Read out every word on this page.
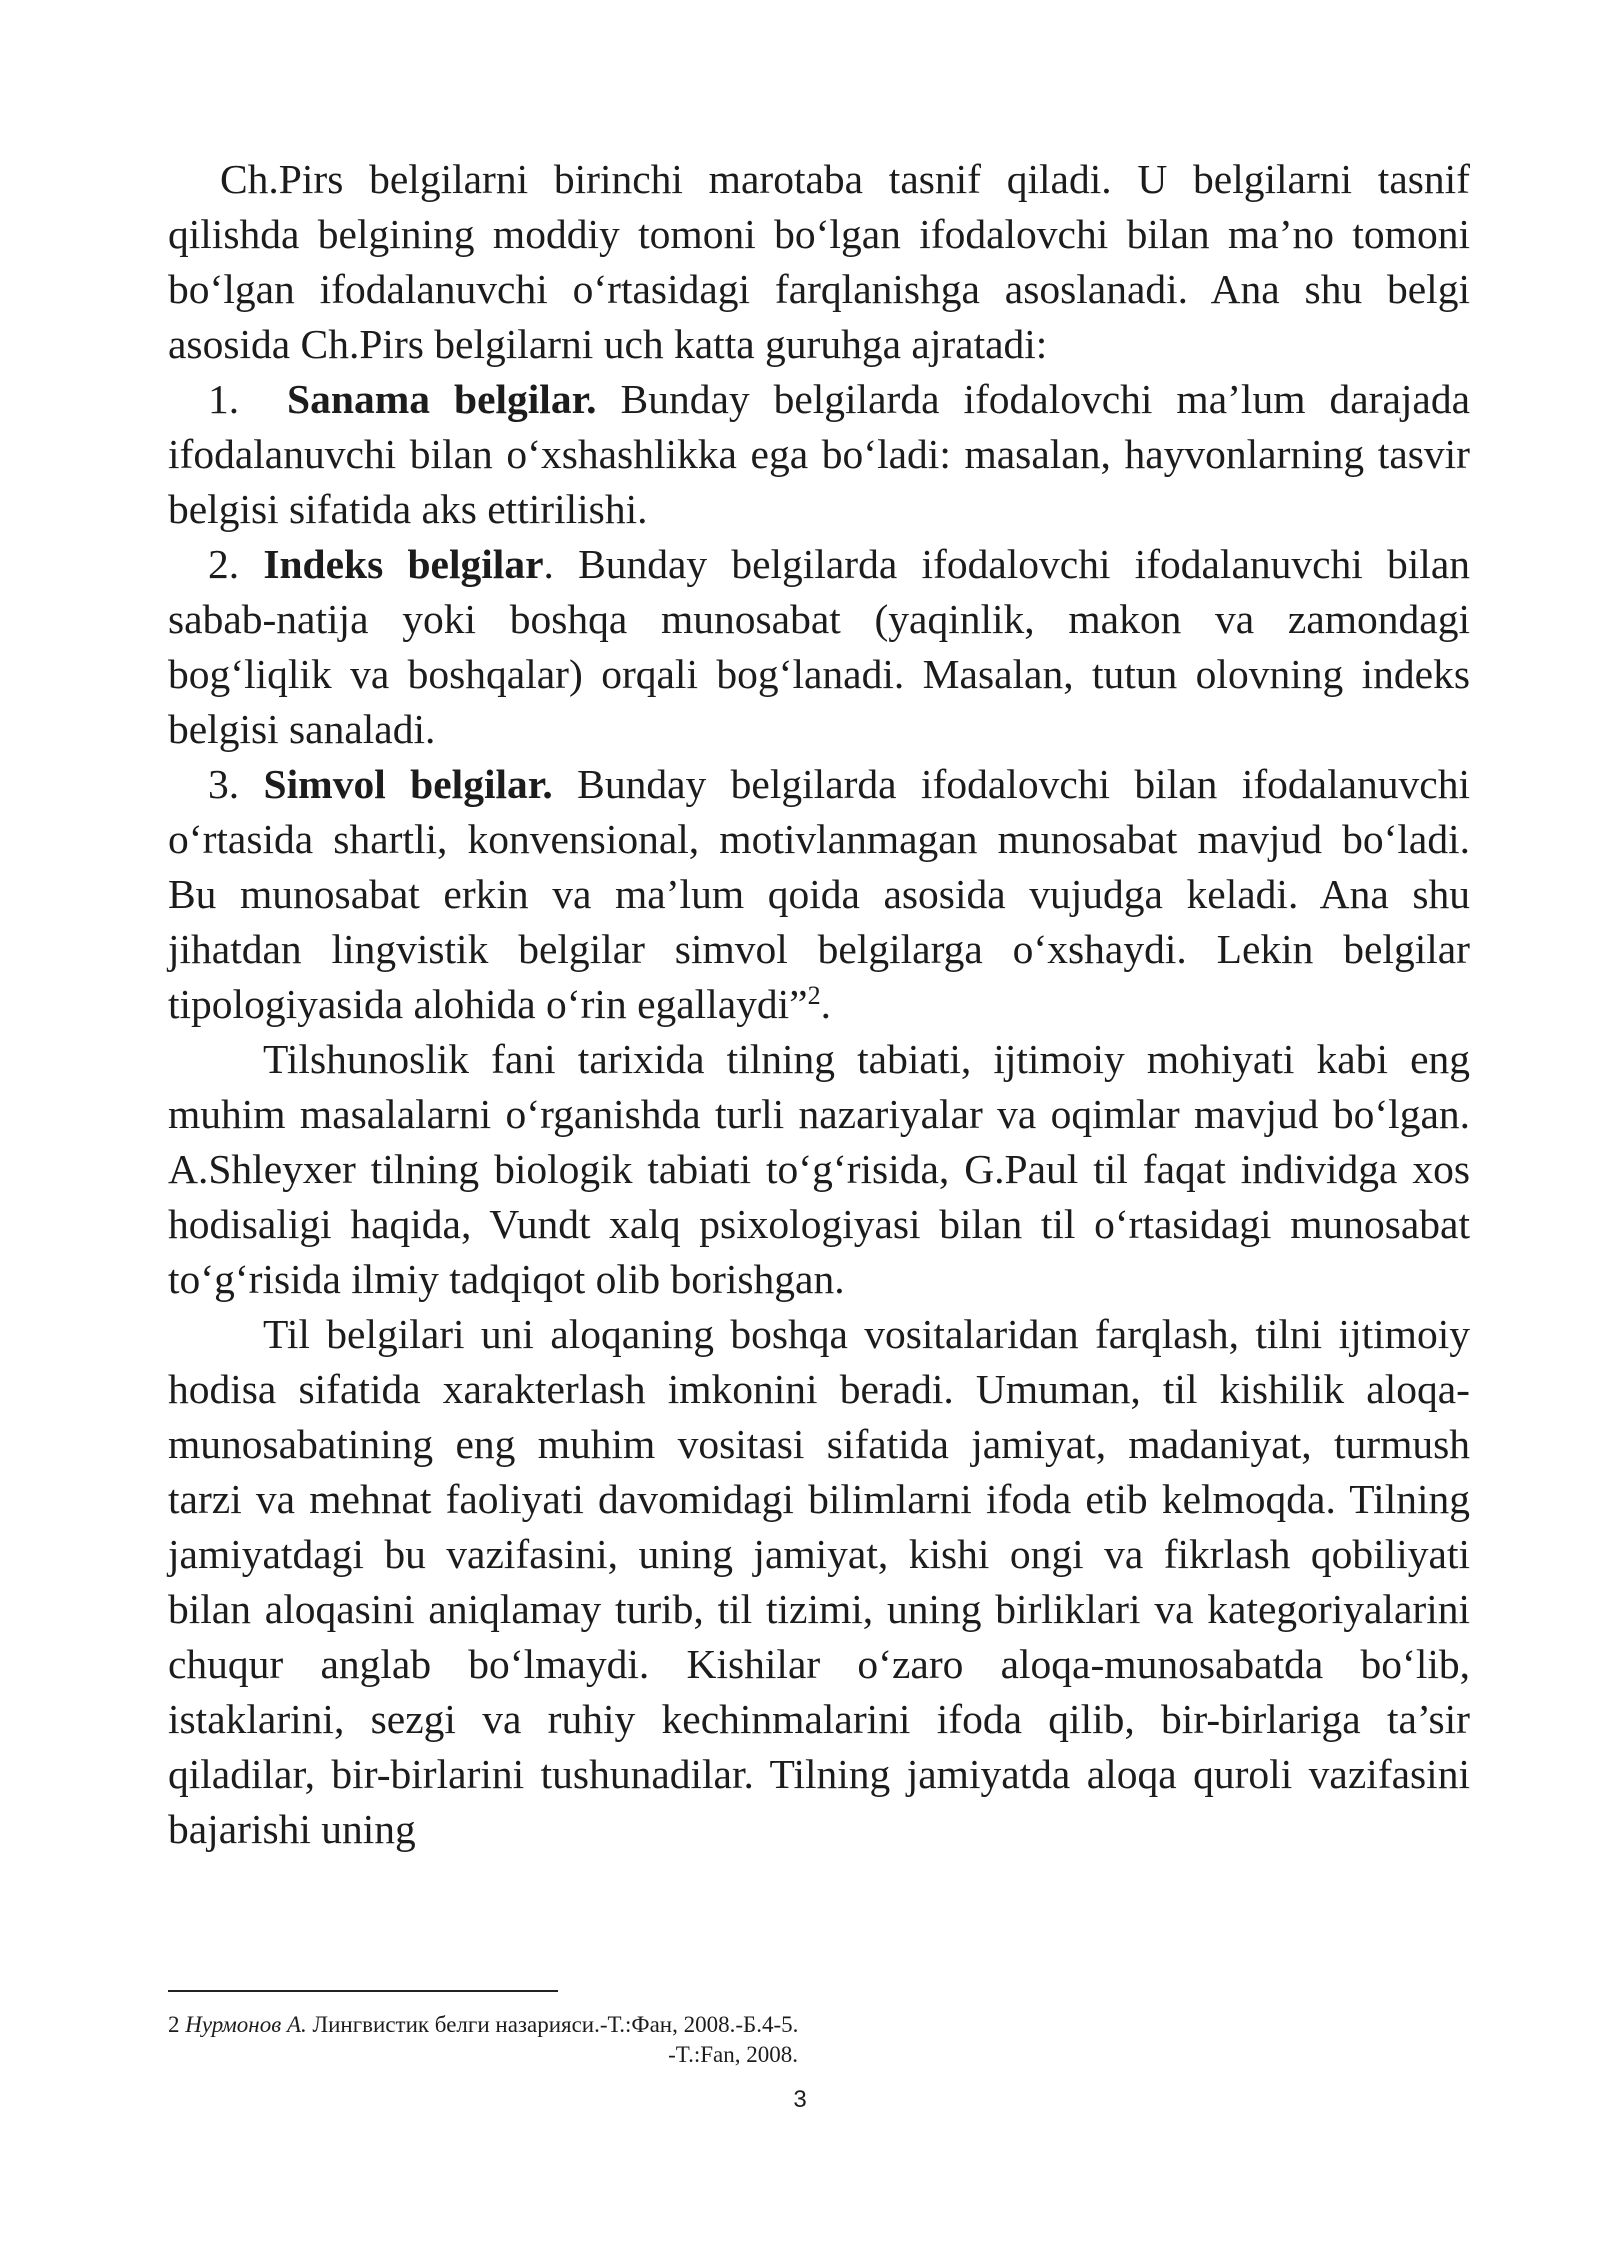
Ch.Pirs belgilarni birinchi marotaba tasnif qiladi. U belgilarni tasnif qilishda belgining moddiy tomoni bo‘lgan ifodalovchi bilan ma’no tomoni bo‘lgan ifodalanuvchi o‘rtasidagi farqlanishga asoslanadi. Ana shu belgi asosida Ch.Pirs belgilarni uch katta guruhga ajratadi:

1. Sanama belgilar. Bunday belgilarda ifodalovchi ma’lum darajada ifodalanuvchi bilan o‘xshashlikka ega bo‘ladi: masalan, hayvonlarning tasvir belgisi sifatida aks ettirilishi.

2. Indeks belgilar. Bunday belgilarda ifodalovchi ifodalanuvchi bilan sabab-natija yoki boshqa munosabat (yaqinlik, makon va zamondagi bog‘liqlik va boshqalar) orqali bog‘lanadi. Masalan, tutun olovning indeks belgisi sanaladi.

3. Simvol belgilar. Bunday belgilarda ifodalovchi bilan ifodalanuvchi o‘rtasida shartli, konvensional, motivlanmagan munosabat mavjud bo‘ladi. Bu munosabat erkin va ma’lum qoida asosida vujudga keladi. Ana shu jihatdan lingvistik belgilar simvol belgilarga o‘xshaydi. Lekin belgilar tipologiyasida alohida o‘rin egallaydi”$^2$.

Tilshunoslik fani tarixida tilning tabiati, ijtimoiy mohiyati kabi eng muhim masalalarni o‘rganishda turli nazariyalar va oqimlar mavjud bo‘lgan. A.Shleyxer tilning biologik tabiati to‘g‘risida, G.Paul til faqat individga xos hodisaligi haqida, Vundt xalq psixologiyasi bilan til o‘rtasidagi munosabat to‘g‘risida ilmiy tadqiqot olib borishgan.

Til belgilari uni aloqaning boshqa vositalaridan farqlash, tilni ijtimoiy hodisa sifatida xarakterlash imkonini beradi. Umuman, til kishilik aloqa-munosabatining eng muhim vositasi sifatida jamiyat, madaniyat, turmush tarzi va mehnat faoliyati davomidagi bilimlarni ifoda etib kelmoqda. Tilning jamiyatdagi bu vazifasini, uning jamiyat, kishi ongi va fikrlash qobiliyati bilan aloqasini aniqlamay turib, til tizimi, uning birliklari va kategoriyalarini chuqur anglab bo‘lmaydi. Kishilar o‘zaro aloqa-munosabatda bo‘lib, istaklarini, sezgi va ruhiy kechinmalarini ifoda qilib, bir-birlariga ta’sir qiladilar, bir-birlarini tushunadilar. Tilning jamiyatda aloqa quroli vazifasini bajarishi uning

2 Нурмонов А. Лингвистик белги назарияси.-Т.:Фан, 2008.-Б.4-5.
-T.:Fan, 2008.
3
